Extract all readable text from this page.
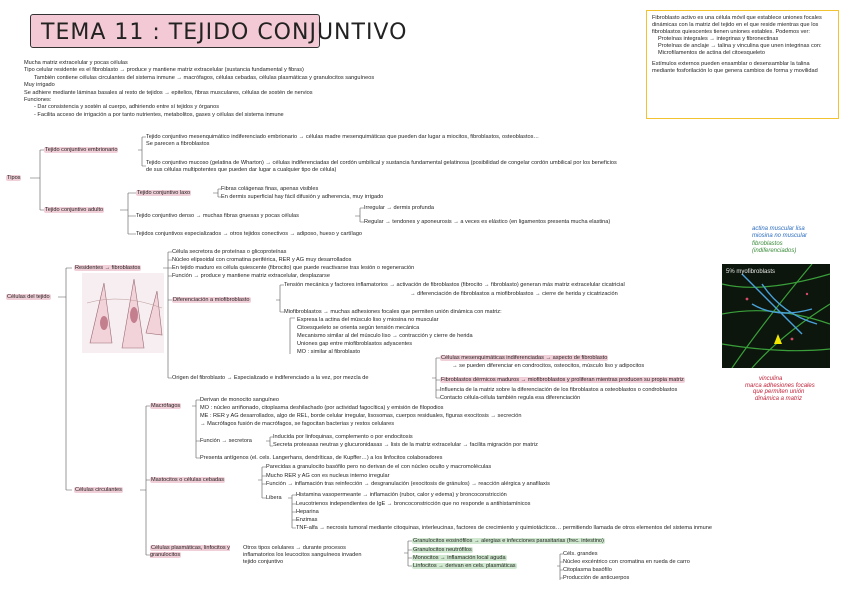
TEMA 11 : TEJIDO CONJUNTIVO
Fibroblasto activo es una célula móvil que establece uniones focales dinámicas con la matriz del tejido en el que reside mientras que los fibroblastos quiescentes tienen uniones estables. Podemos ver:
Proteínas integrales → integrinas y fibronectinas
Proteínas de anclaje → talina y vinculina que unen integrinas con:
Microfilamentos de actina del citoesqueleto
Estímulos externos pueden ensamblar o desensamblar la talina mediante fosforilación lo que genera cambios de forma y movilidad
Mucha matriz extracelular y pocas células
Tipo celular residente es el fibroblasto → produce y mantiene matriz extracelular (sustancia fundamental y fibras)
También contiene células circulantes del sistema inmune → macrófagos, células cebadas, células plasmáticas y granulocitos sanguíneos
Muy irrigado
Se adhiere mediante láminas basales al resto de tejidos → epitelios, fibras musculares, células de sostén de nervios
Funciones:
- Dar consistencia y sostén al cuerpo, adhiriendo entre sí tejidos y órganos
- Facilita acceso de irrigación a por tanto nutrientes, metabolitos, gases y células del sistema inmune
Tipos
Tejido conjuntivo embrionario
Tejido conjuntivo mesenquimático indiferenciado embrionario → células madre mesenquimáticas que pueden dar lugar a miocitos, fibroblastos, osteoblastos…
Se parecen a fibroblastos
Tejido conjuntivo mucoso (gelatina de Wharton) → células indiferenciadas del cordón umbilical y sustancia fundamental gelatinosa (posibilidad de congelar cordón umbilical por los beneficios
de sus células multipotentes que pueden dar lugar a cualquier tipo de célula)
Tejido conjuntivo adulto
Tejido conjuntivo laxo
Fibras colágenas finas, apenas visibles
En dermis superficial hay fácil difusión y adherencia, muy irrigado
Tejido conjuntivo denso → muchas fibras gruesas y pocas células
Irregular → dermis profunda
Regular → tendones y aponeurosis → a veces es elástico (en ligamentos presenta mucha elastina)
Tejidos conjuntivos especializados → otros tejidos conectivos → adiposo, hueso y cartílago
Células del tejido
Residentes → fibroblastos
Célula secretora de proteínas o glicoproteínas
Núcleo elipsoidal con cromatina periférica, RER y AG muy desarrollados
En tejido maduro es célula quiescente (fibrocito) que puede reactivarse tras lesión o regeneración
Función → produce y mantiene matriz extracelular, desplazarse
Diferenciación a miofibroblasto
Tensión mecánica y factores inflamatorios → activación de fibroblastos (fibrocito → fibroblasto) generan más matriz extracelular cicatricial
→ diferenciación de fibroblastos a miofibroblastos → cierre de herida y cicatrización
Miofibroblastos → muchas adhesiones focales que permiten unión dinámica con matriz:
Expresa la actina del músculo liso y miosina no muscular
Citoesqueleto se orienta según tensión mecánica
Mecanismo similar al del músculo liso → contracción y cierre de herida
Uniones gap entre miofibroblastos adyacentes
MO : similar al fibroblasto
Origen del fibroblasto → Especializado e indiferenciado a la vez, por mezcla de
Células mesenquimáticas indiferenciadas → aspecto de fibroblasto
→ se pueden diferenciar en condrocitos, osteocitos, músculo liso y adipocitos
Fibroblastos dérmicos maduros → miofibroblastos y proliferan mientras producen su propia matriz
Influencia de la matriz sobre la diferenciación de los fibroblastos a osteoblastos o condroblastos
Contacto célula-célula también regula esa diferenciación
Células circulantes
Macrófagos
Derivan de monocito sanguíneo
MO : núcleo arriñonado, citoplasma deshilachado (por actividad fagocítica) y emisión de filopodios
ME : RER y AG desarrollados, algo de REL, borde celular irregular, lisosomas, cuerpos residuales, figuras exocitosis → secreción
→ Macrófagos fusión de macrófagos, se fagocitan bacterias y restos celulares
Función → secretora
Inducida por linfoquinas, complemento o por endocitosis
Secreta proteasas neutras y glucuronidasas → lisis de la matriz extracelular → facilita migración por matriz
Presenta antígenos (el. cels. Langerhans, dendríticas, de Kupffer…) a los linfocitos colaboradores
Mastocitos o células cebadas
Parecidas a granulocito basófilo pero no derivan de el con núcleo oculto y macromoléculas
Mucho RER y AG con es nucleus interno irregular
Función → inflamación tras reinfección → desgranulación (exocitosis de gránulos) → reacción alérgica y anafilaxis
Libera	Histamina vasopermeante → inflamación (rubor, calor y edema) y broncoconstricción
Leucotrienos independientes de IgE → broncoconstricción que no responde a antihistamínicos
Heparina
Enzimas
TNF-alfa → necrosis tumoral mediante citoquinas, interleucinas, factores de crecimiento y quimiotácticos… permitiendo llamada de otros elementos del sistema inmune
Células plasmáticas, linfocitos y granulocitos
Otros tipos celulares → durante procesos
inflamatorios los leucocitos sanguíneos invaden
tejido conjuntivo
Granulocitos eosinófilos → alergias e infecciones parasitarias (frec. intestino)
Granulocitos neutrófilos
Monocitos → inflamación local aguda
Linfocitos → derivan en cels. plasmáticas
Céls. grandes
Núcleo excéntrico con cromatina en rueda de carro
Citoplasma basófilo
Producción de anticuerpos
actina muscular lisa
miosina no muscular
fibroblastos
(indiferenciados)
5% myofibroblasts
vinculina
marca adhesiones focales
que permiten unión
dinámica a matriz
